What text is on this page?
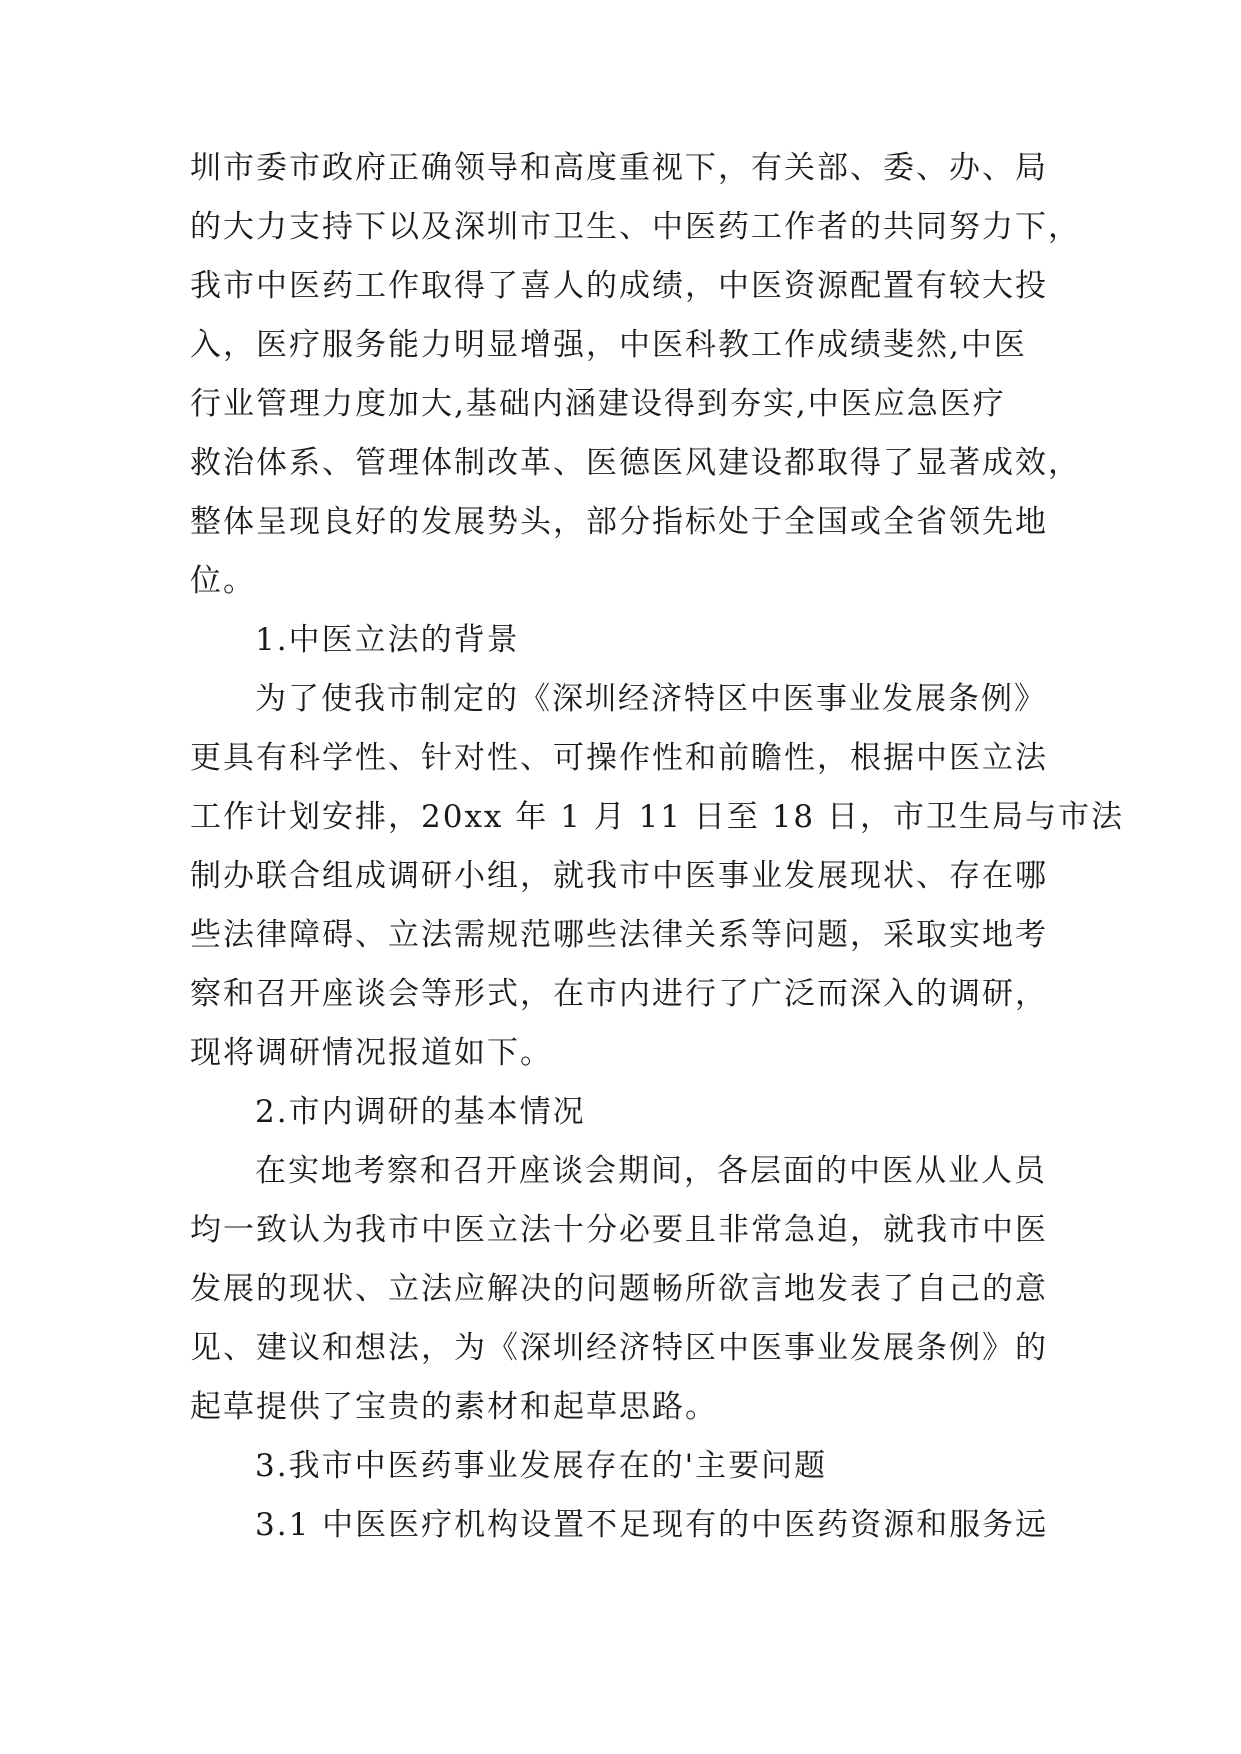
圳市委市政府正确领导和高度重视下，有关部、委、办、局
的大力支持下以及深圳市卫生、中医药工作者的共同努力下，
我市中医药工作取得了喜人的成绩，中医资源配置有较大投
入，医疗服务能力明显增强，中医科教工作成绩斐然,中医
行业管理力度加大,基础内涵建设得到夯实,中医应急医疗
救治体系、管理体制改革、医德医风建设都取得了显著成效，
整体呈现良好的发展势头，部分指标处于全国或全省领先地
位。
1.中医立法的背景
为了使我市制定的《深圳经济特区中医事业发展条例》
更具有科学性、针对性、可操作性和前瞻性，根据中医立法
工作计划安排，20xx 年 1 月 11 日至 18 日，市卫生局与市法
制办联合组成调研小组，就我市中医事业发展现状、存在哪
些法律障碍、立法需规范哪些法律关系等问题，采取实地考
察和召开座谈会等形式，在市内进行了广泛而深入的调研，
现将调研情况报道如下。
2.市内调研的基本情况
在实地考察和召开座谈会期间，各层面的中医从业人员
均一致认为我市中医立法十分必要且非常急迫，就我市中医
发展的现状、立法应解决的问题畅所欲言地发表了自己的意
见、建议和想法，为《深圳经济特区中医事业发展条例》的
起草提供了宝贵的素材和起草思路。
3.我市中医药事业发展存在的'主要问题
3.1 中医医疗机构设置不足现有的中医药资源和服务远
